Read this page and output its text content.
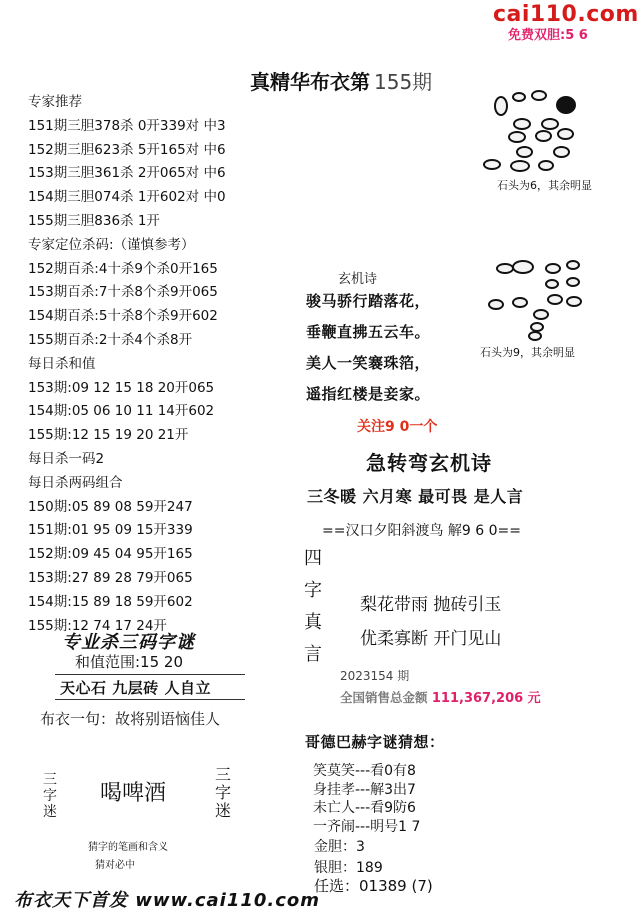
cai110.com
免费双胆:5 6
真精华布衣第 155期
专家推荐
151期三胆378杀 0开339对 中3
152期三胆623杀 5开165对 中6
153期三胆361杀 2开065对 中6
154期三胆074杀 1开602对 中0
155期三胆836杀 1开
专家定位杀码:（谨慎参考）
152期百杀:4十杀9个杀0开165
153期百杀:7十杀8个杀9开065
154期百杀:5十杀8个杀9开602
155期百杀:2十杀4个杀8开
每日杀和值
153期:09 12 15 18 20开065
154期:05 06 10 11 14开602
155期:12 15 19 20 21开
每日杀一码2
每日杀两码组合
150期:05 89 08 59开247
151期:01 95 09 15开339
152期:09 45 04 95开165
153期:27 89 28 79开065
154期:15 89 18 59开602
155期:12 74 17 24开
专业杀三码字谜
和值范围:15 20
天心石 九层砖 人自立
布衣一句：故将别语恼佳人
三字迷
喝啤酒
三字迷
猜字的笔画和含义
猜对必中
布衣天下首发 www.cai110.com
石头为6，其余明显
石头为9，其余明显
玄机诗
骏马骄行踏落花，
垂鞭直拂五云车。
美人一笑褰珠箔，
遥指红楼是妾家。
关注9 0一个
急转弯玄机诗
三冬暖 六月寒 最可畏 是人言
==汉口夕阳斜渡鸟 解9 6 0==
四字真言
梨花带雨 抛砖引玉
优柔寡断 开门见山
2023154 期
全国销售总金额 111,367,206 元
哥德巴赫字谜猜想：
笑莫笑---看0有8
身挂孝---解3出7
未亡人---看9防6
一齐闹---明号1 7
金胆：3
银胆：189
任选：01389 (7)
